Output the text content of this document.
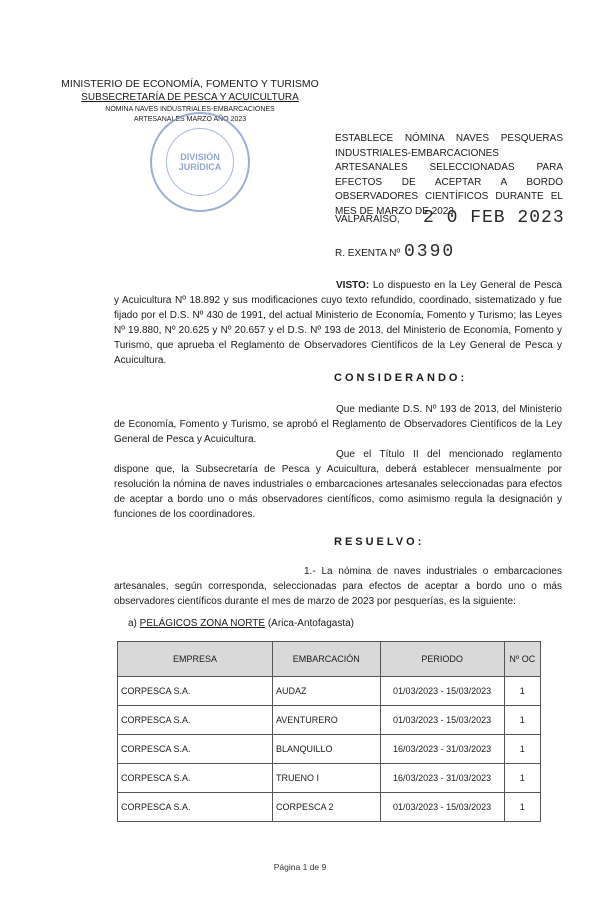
MINISTERIO DE ECONOMÍA, FOMENTO Y TURISMO
SUBSECRETARÍA DE PESCA Y ACUICULTURA
NÓMINA NAVES INDUSTRIALES-EMBARCACIONES
ARTESANALES MARZO AÑO 2023
DIVISIÓN
JURÍDICA
ESTABLECE NÓMINA NAVES PESQUERAS INDUSTRIALES-EMBARCACIONES ARTESANALES SELECCIONADAS PARA EFECTOS DE ACEPTAR A BORDO OBSERVADORES CIENTÍFICOS DURANTE EL MES DE MARZO DE 2023.
VALPARAÍSO, 2 0 FEB 2023
R. EXENTA Nº 0390
VISTO: Lo dispuesto en la Ley General de Pesca y Acuicultura Nº 18.892 y sus modificaciones cuyo texto refundido, coordinado, sistematizado y fue fijado por el D.S. Nº 430 de 1991, del actual Ministerio de Economía, Fomento y Turismo; las Leyes Nº 19.880, Nº 20.625 y Nº 20.657 y el D.S. Nº 193 de 2013, del Ministerio de Economía, Fomento y Turismo, que aprueba el Reglamento de Observadores Científicos de la Ley General de Pesca y Acuicultura.
CONSIDERANDO:
Que mediante D.S. Nº 193 de 2013, del Ministerio de Economía, Fomento y Turismo, se aprobó el Reglamento de Observadores Científicos de la Ley General de Pesca y Acuicultura.
Que el Título II del mencionado reglamento dispone que, la Subsecretaría de Pesca y Acuicultura, deberá establecer mensualmente por resolución la nómina de naves industriales o embarcaciones artesanales seleccionadas para efectos de aceptar a bordo uno o más observadores científicos, como asimismo regula la designación y funciones de los coordinadores.
RESUELVO:
1.- La nómina de naves industriales o embarcaciones artesanales, según corresponda, seleccionadas para efectos de aceptar a bordo uno o más observadores científicos durante el mes de marzo de 2023 por pesquerías, es la siguiente:
a) PELÁGICOS ZONA NORTE (Arica-Antofagasta)
EMPRESA	EMBARCACIÓN	PERIODO	Nº OC
CORPESCA S.A.	AUDAZ	01/03/2023 - 15/03/2023	1
CORPESCA S.A.	AVENTURERO	01/03/2023 - 15/03/2023	1
CORPESCA S.A.	BLANQUILLO	16/03/2023 - 31/03/2023	1
CORPESCA S.A.	TRUENO I	16/03/2023 - 31/03/2023	1
CORPESCA S.A.	CORPESCA 2	01/03/2023 - 15/03/2023	1
Página 1 de 9
